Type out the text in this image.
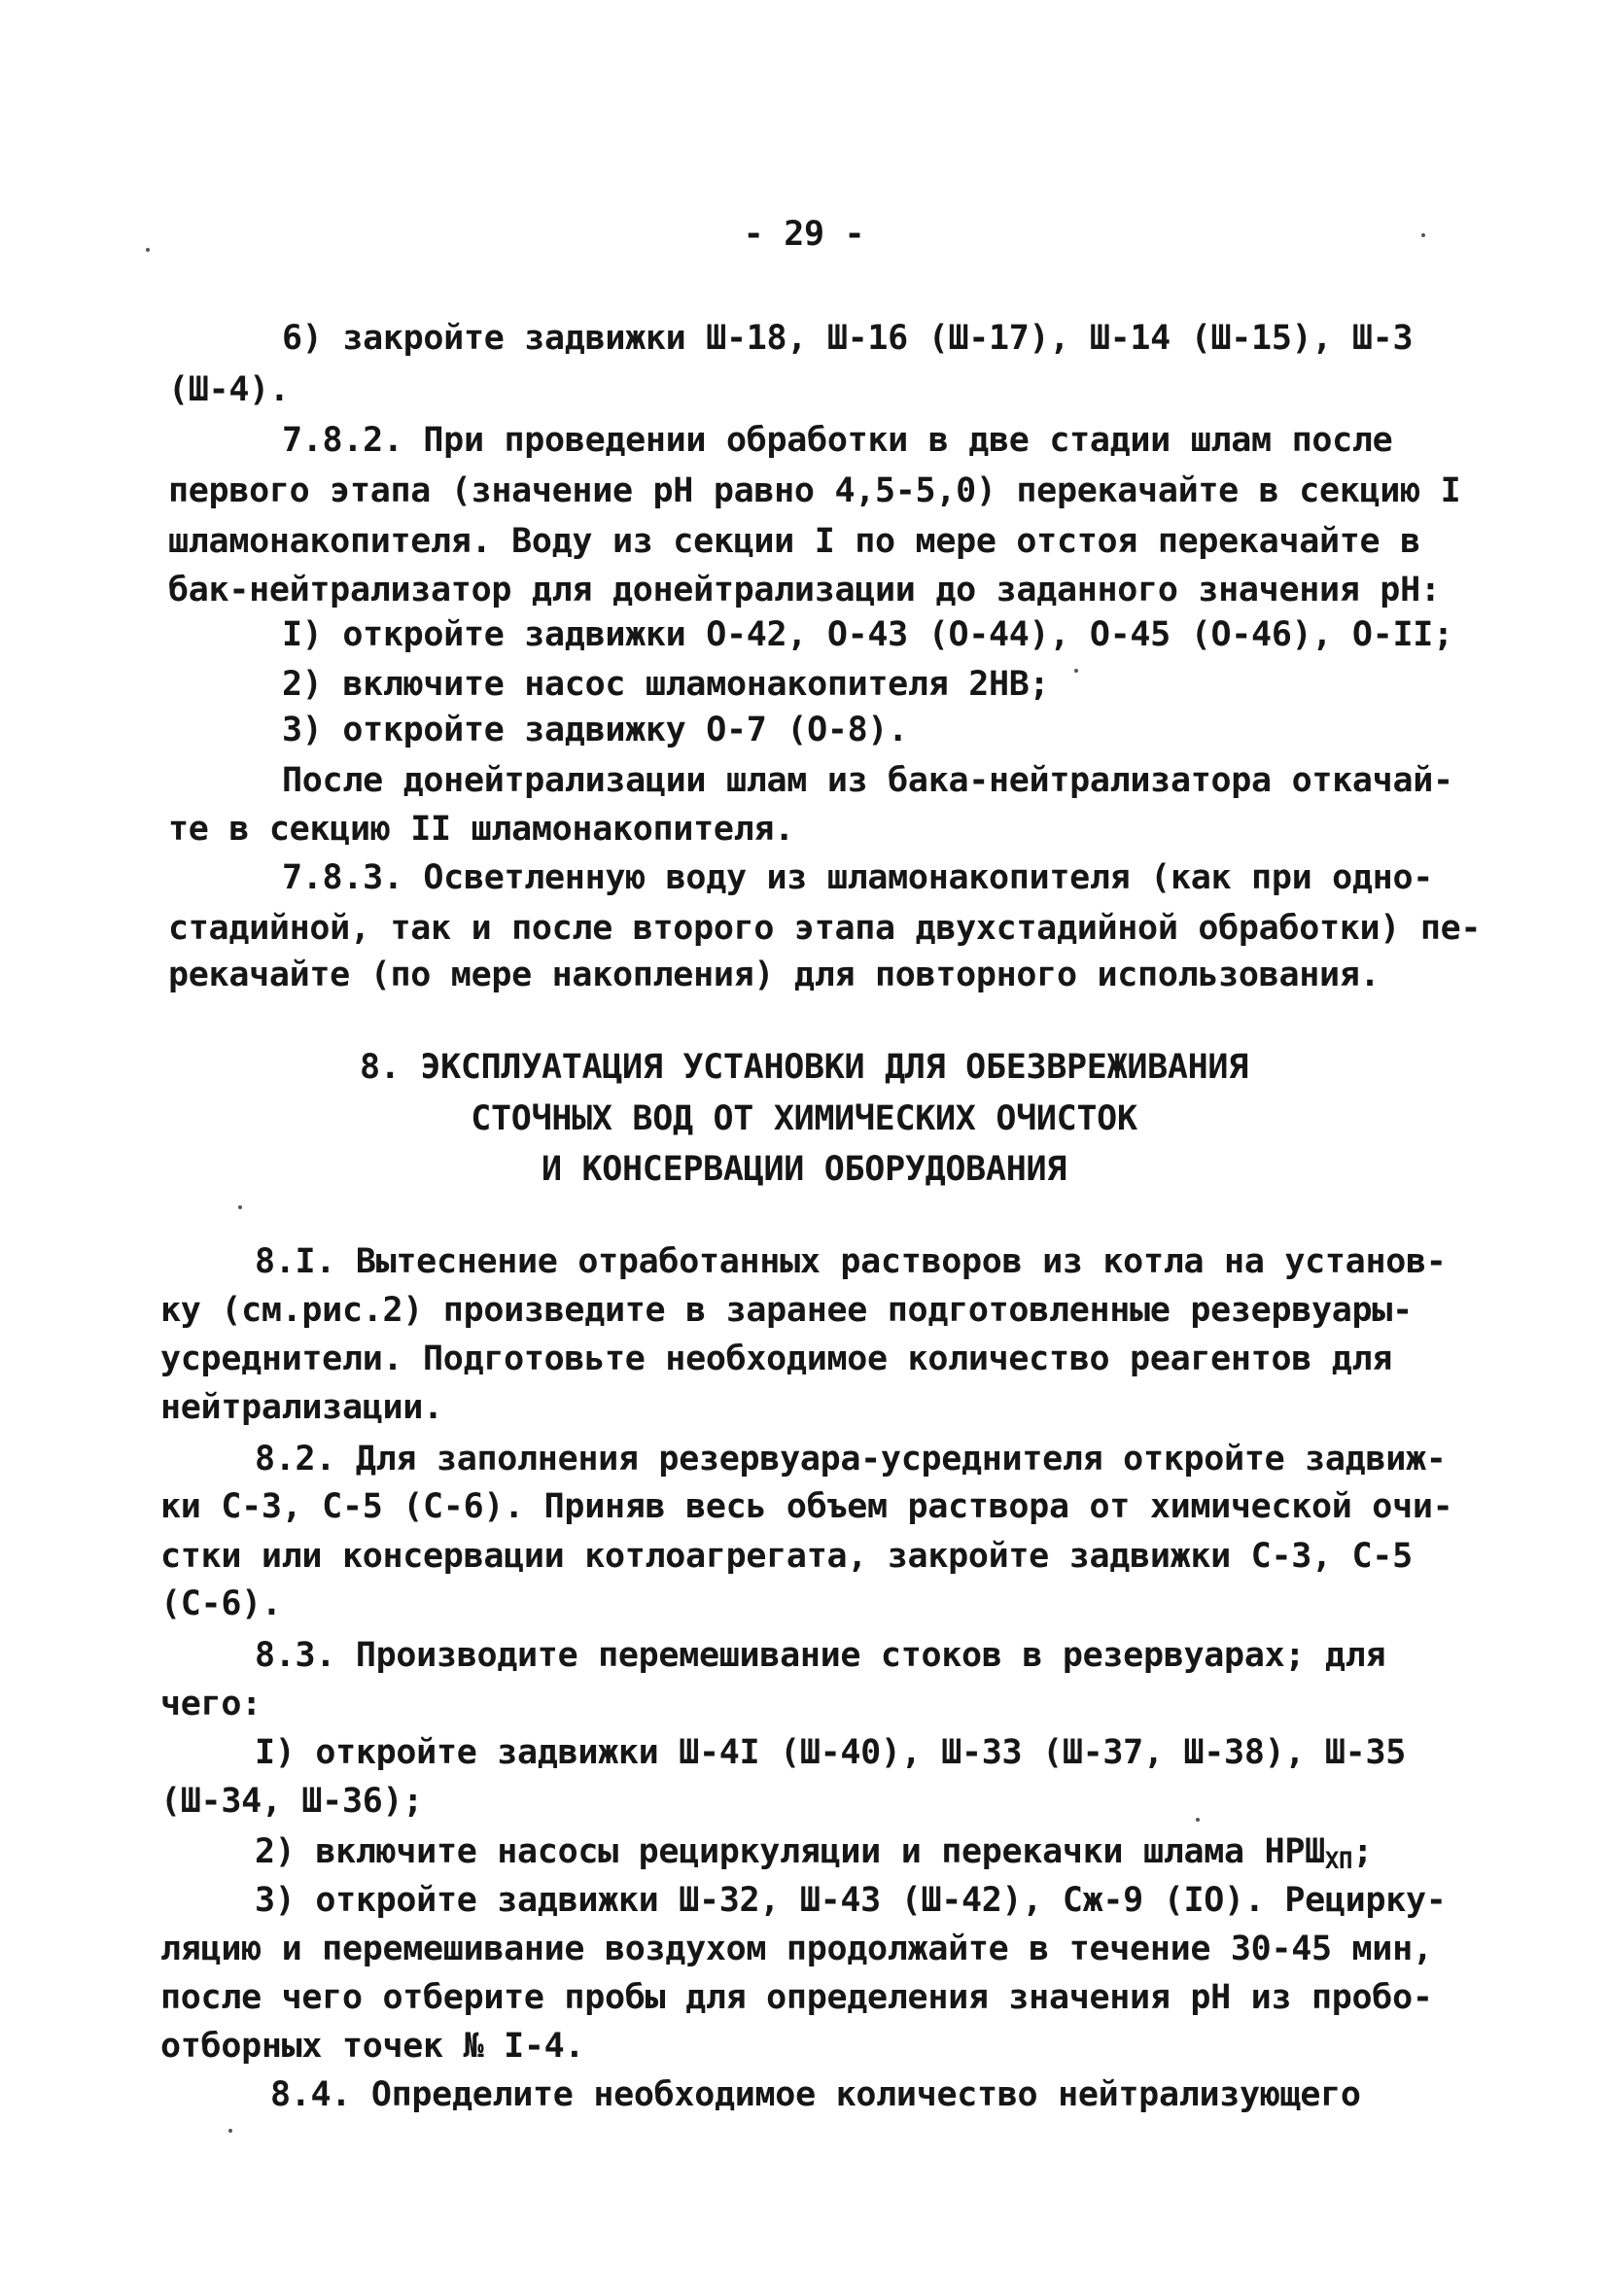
- 29 -
6) закройте задвижки Ш-18, Ш-16 (Ш-17), Ш-14 (Ш-15), Ш-3
(Ш-4).
7.8.2. При проведении обработки в две стадии шлам после
первого этапа (значение pH равно 4,5-5,0) перекачайте в секцию I
шламонакопителя. Воду из секции I по мере отстоя перекачайте в
бак-нейтрализатор для донейтрализации до заданного значения pH:
I) откройте задвижки О-42, О-43 (О-44), О-45 (О-46), О-II;
2) включите насос шламонакопителя 2НВ;
3) откройте задвижку О-7 (О-8).
После донейтрализации шлам из бака-нейтрализатора откачай-
те в секцию II шламонакопителя.
7.8.3. Осветленную воду из шламонакопителя (как при одно-
стадийной, так и после второго этапа двухстадийной обработки) пе-
рекачайте (по мере накопления) для повторного использования.
8. ЭКСПЛУАТАЦИЯ УСТАНОВКИ ДЛЯ ОБЕЗВРЕЖИВАНИЯ
СТОЧНЫХ ВОД ОТ ХИМИЧЕСКИХ ОЧИСТОК
И КОНСЕРВАЦИИ ОБОРУДОВАНИЯ
8.I. Вытеснение отработанных растворов из котла на установ-
ку (см.рис.2) произведите в заранее подготовленные резервуары-
усреднители. Подготовьте необходимое количество реагентов для
нейтрализации.
8.2. Для заполнения резервуара-усреднителя откройте задвиж-
ки С-3, С-5 (С-6). Приняв весь объем раствора от химической очи-
стки или консервации котлоагрегата, закройте задвижки С-3, С-5
(С-6).
8.3. Производите перемешивание стоков в резервуарах; для
чего:
I) откройте задвижки Ш-4I (Ш-40), Ш-33 (Ш-37, Ш-38), Ш-35
(Ш-34, Ш-36);
2) включите насосы рециркуляции и перекачки шлама $НРШ_{ХП}$;
3) откройте задвижки Ш-32, Ш-43 (Ш-42), Сж-9 (IO). Рецирку-
ляцию и перемешивание воздухом продолжайте в течение 30-45 мин,
после чего отберите пробы для определения значения pH из пробо-
отборных точек № I-4.
8.4. Определите необходимое количество нейтрализующего
